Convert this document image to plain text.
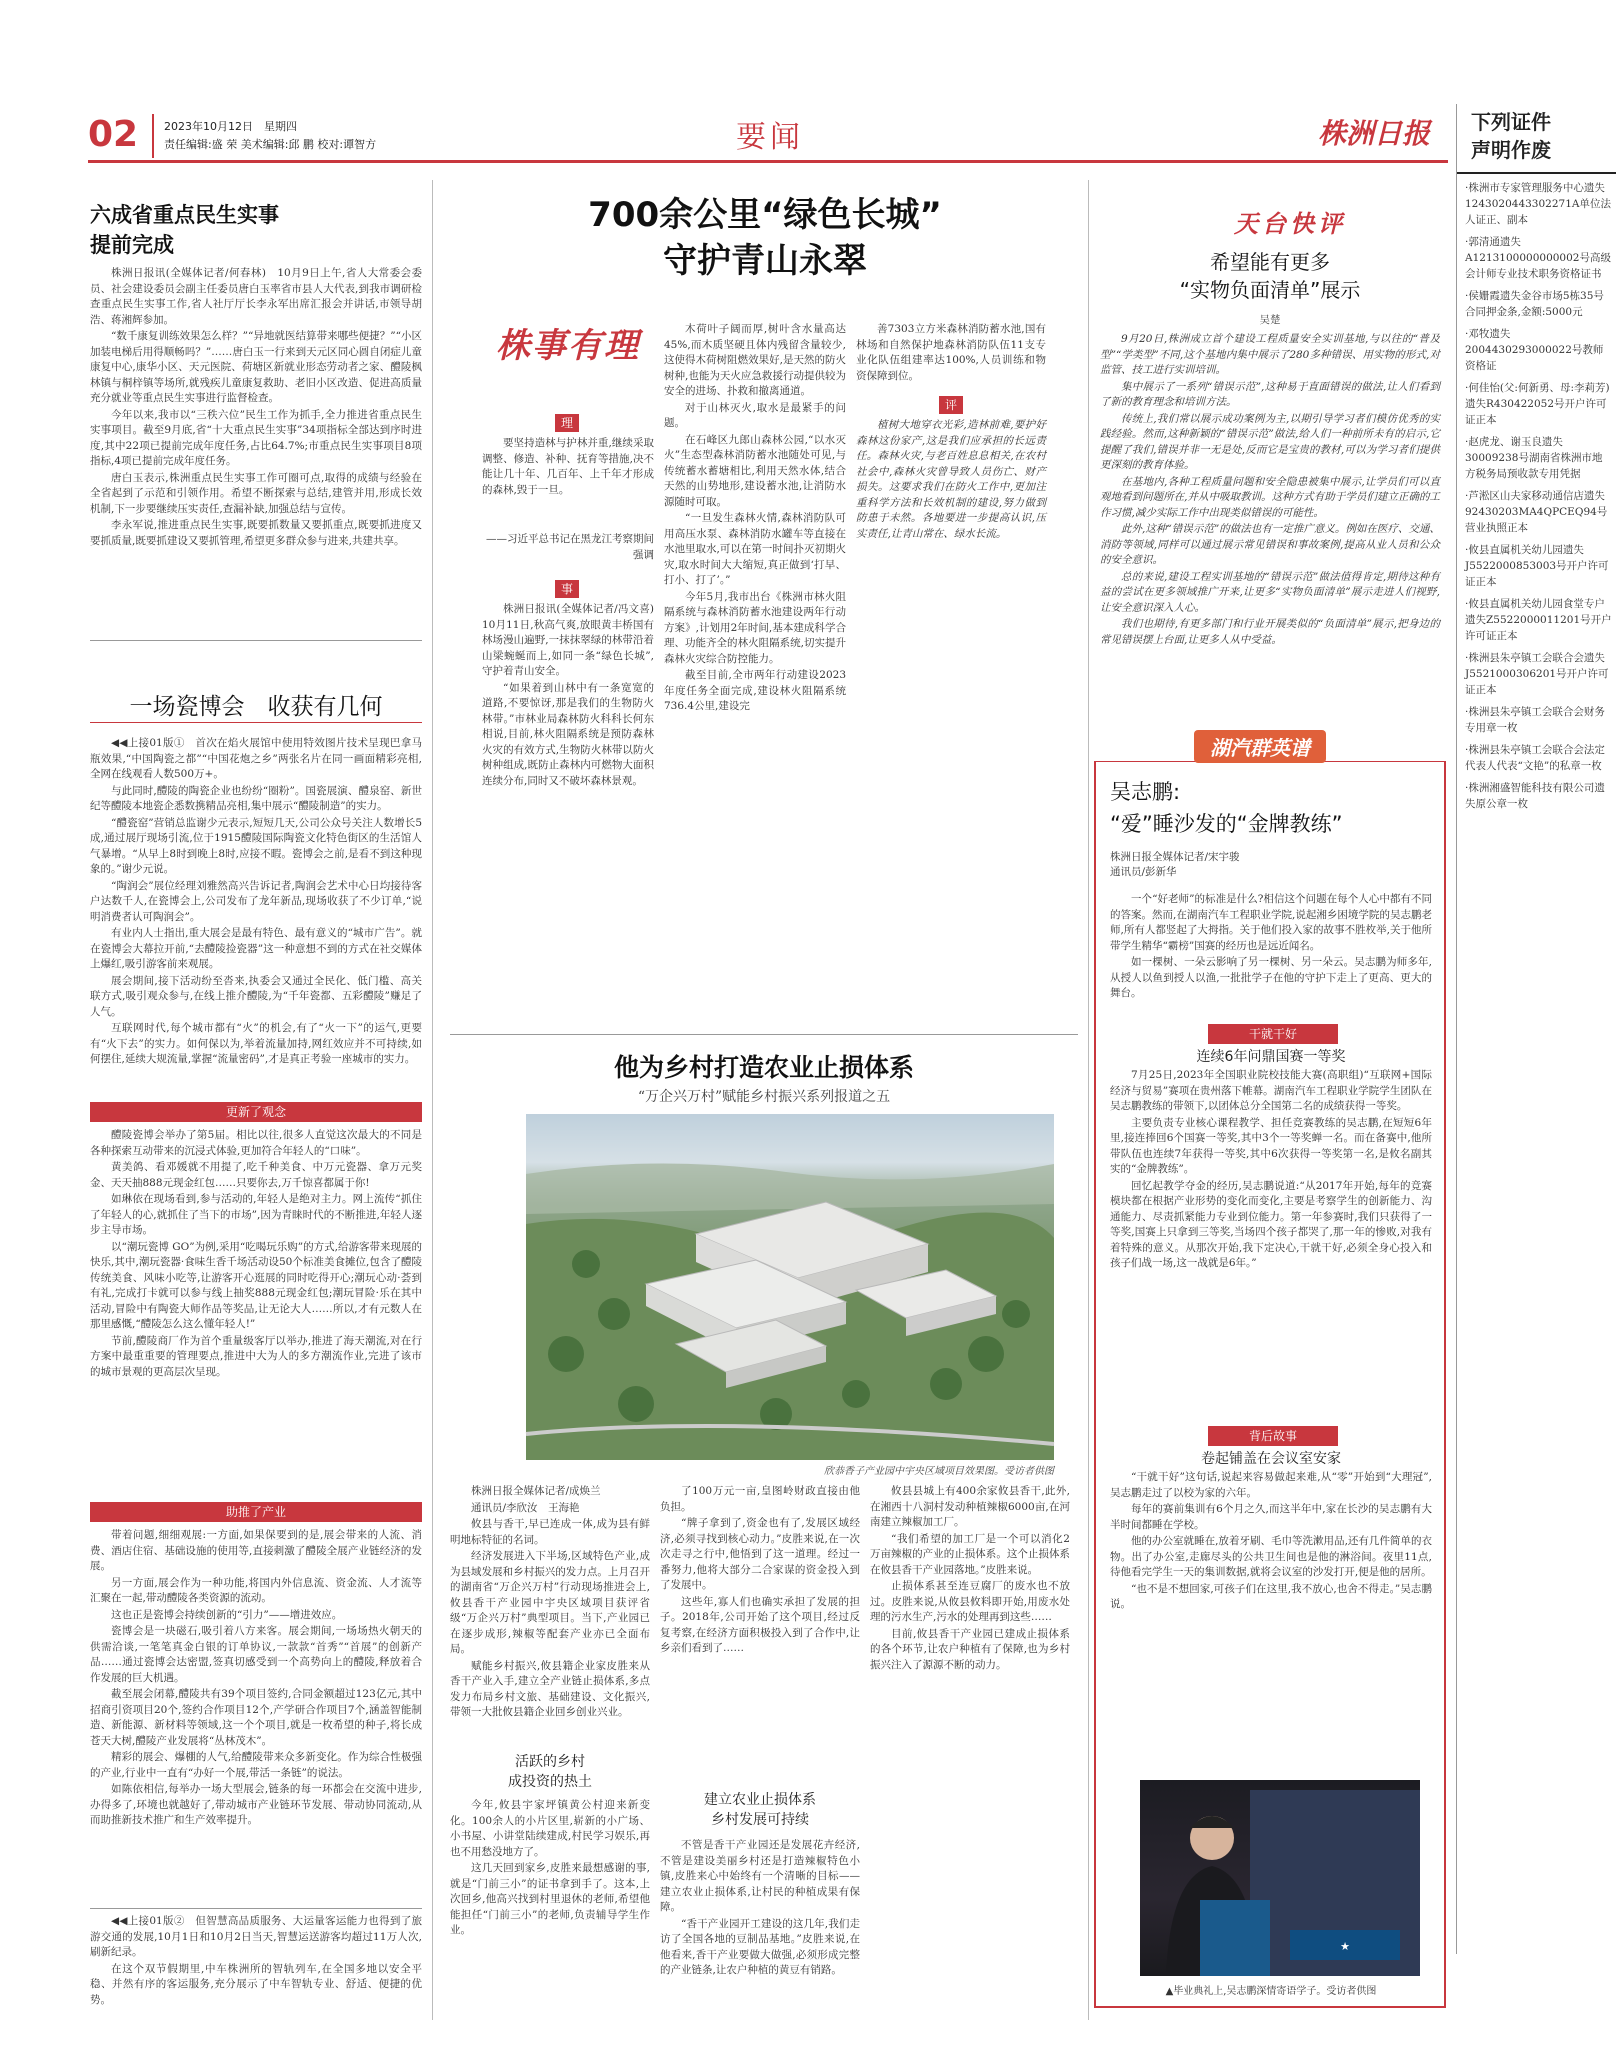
02 2023年10月12日　星期四
责任编辑:盛 荣 美术编辑:邱 鹏 校对:谭智方	要闻	株洲日报	下列证件
声明作废
·株洲市专家管理服务中心遗失1243020443302271A单位法人证正、副本
·郭清通遗失A1213100000000002号高级会计师专业技术职务资格证书
·侯姗霞遗失金谷市场5栋35号合同押金条,金额:5000元
·邓牧遗失2004430293000022号教师资格证
·何佳怡(父:何新勇、母:李莉芳)遗失R430422052号开户许可证正本
·赵虎龙、谢玉良遗失30009238号湖南省株洲市地方税务局预收款专用凭据
·芦淞区山夫家移动通信店遗失92430203MA4QPCEQ94号营业执照正本
·攸县直属机关幼儿园遗失J5522000853003号开户许可证正本
·攸县直属机关幼儿园食堂专户遗失Z5522000011201号开户许可证正本
·株洲县朱亭镇工会联合会遗失J5521000306201号开户许可证正本
·株洲县朱亭镇工会联合会财务专用章一枚
·株洲县朱亭镇工会联合会法定代表人代表“文艳”的私章一枚
·株洲湘盛智能科技有限公司遗失原公章一枚
六成省重点民生实事
提前完成

株洲日报讯(全媒体记者/何春林)　10月9日上午,省人大常委会委员、社会建设委员会副主任委员唐白玉率省市县人大代表,到我市调研检查重点民生实事工作,省人社厅厅长李永军出席汇报会并讲话,市领导胡浩、蒋湘辉参加。

“数千康复训练效果怎么样？”“异地就医结算带来哪些便捷？”“小区加装电梯后用得顺畅吗？”……唐白玉一行来到天元区同心圆自闭症儿童康复中心,康华小区、天元医院、荷塘区新就业形态劳动者之家、醴陵枫林镇与桐梓镇等场所,就残疾儿童康复救助、老旧小区改造、促进高质量充分就业等重点民生实事进行监督检查。

今年以来,我市以“三秩六位”民生工作为抓手,全力推进省重点民生实事项目。截至9月底,省“十大重点民生实事”34项指标全部达到序时进度,其中22项已提前完成年度任务,占比64.7%;市重点民生实事项目8项指标,4项已提前完成年度任务。

唐白玉表示,株洲重点民生实事工作可圈可点,取得的成绩与经验在全省起到了示范和引领作用。希望不断探索与总结,建管并用,形成长效机制,下一步要继续压实责任,查漏补缺,加强总结与宣传。

李永军说,推进重点民生实事,既要抓数量又要抓重点,既要抓进度又要抓质量,既要抓建设又要抓管理,希望更多群众参与进来,共建共享。

一场瓷博会　收获有几何

◀◀上接01版①　首次在焰火展馆中使用特效图片技术呈现巴拿马瓶效果,“中国陶瓷之都”“中国花炮之乡”两张名片在同一画面精彩亮相,全网在线观看人数500万+。

与此同时,醴陵的陶瓷企业也纷纷“圈粉”。国瓷展演、醴泉窑、新世纪等醴陵本地瓷企悉数携精品亮相,集中展示“醴陵制造”的实力。

“醴瓷窑”营销总监谢少元表示,短短几天,公司公众号关注人数增长5成,通过展厅现场引流,位于1915醴陵国际陶瓷文化特色街区的生活馆人气暴增。“从早上8时到晚上8时,应接不暇。瓷博会之前,是看不到这种现象的。”谢少元说。

“陶润会”展位经理刘雅然高兴告诉记者,陶润会艺术中心日均接待客户达数千人,在瓷博会上,公司发布了龙年新品,现场收获了不少订单,“说明消费者认可陶润会”。

有业内人士指出,重大展会是最有特色、最有意义的“城市广告”。就在瓷博会大幕拉开前,“去醴陵捡瓷器”这一种意想不到的方式在社交媒体上爆红,吸引游客前来观展。

展会期间,接下活动纷至沓来,执委会又通过全民化、低门槛、高关联方式,吸引观众参与,在线上推介醴陵,为“千年瓷都、五彩醴陵”赚足了人气。

互联网时代,每个城市都有“火”的机会,有了“火一下”的运气,更要有“火下去”的实力。如何保以为,举着流量加持,网红效应并不可持续,如何摆住,延续大规流量,掌握“流量密码”,才是真正考验一座城市的实力。

更新了观念

醴陵瓷博会举办了第5届。相比以往,很多人直觉这次最大的不同是各种探索互动带来的沉浸式体验,更加符合年轻人的“口味”。

黄美鸽、看邓媛就不用提了,吃千种美食、中万元瓷器、拿万元奖金、天天抽888元现金红包……只要你去,万千惊喜都属于你!

如琳依在现场看到,参与活动的,年轻人是绝对主力。网上流传“抓住了年轻人的心,就抓住了当下的市场”,因为青睐时代的不断推进,年轻人逐步主导市场。

以“潮玩瓷博 GO”为例,采用“吃喝玩乐购”的方式,给游客带来现展的快乐,其中,潮玩瓷器·食味生香千场活动设50个标准美食摊位,包含了醴陵传统美食、风味小吃等,让游客开心逛展的同时吃得开心;潮玩心动·荟到有礼,完成打卡就可以参与线上抽奖888元现金红包;潮玩冒险·乐在其中活动,冒险中有陶瓷大师作品等奖品,让无论大人……所以,才有元数人在那里感慨,“醴陵怎么这么懂年轻人!”

节前,醴陵商厂作为首个重量级客厅以举办,推进了海天潮流,对在行方案中最重重要的管理要点,推进中大为人的多方潮流作业,完进了该市的城市景观的更高层次呈现。

助推了产业

带着问题,细细观展:一方面,如果保要到的是,展会带来的人流、消费、酒店住宿、基础设施的使用等,直接刺激了醴陵全展产业链经济的发展。

另一方面,展会作为一种功能,将国内外信息流、资金流、人才流等汇聚在一起,带动醴陵各类资源的流动。

这也正是瓷博会持续创新的“引力”——增进效应。

瓷博会是一块磁石,吸引着八方来客。展会期间,一场场热火朝天的供需洽谈,一笔笔真金白银的订单协议,一款款“首秀”“首展”的创新产品……通过瓷博会达密盟,签真切感受到一个高势向上的醴陵,释放着合作发展的巨大机遇。

截至展会闭幕,醴陵共有39个项目签约,合同金额超过123亿元,其中招商引资项目20个,签约合作项目12个,产学研合作项目7个,涵盖智能制造、新能源、新材料等领域,这一个个项目,就是一枚希望的种子,将长成苍天大树,醴陵产业发展将“丛林茂木”。

精彩的展会、爆棚的人气,给醴陵带来众多新变化。作为综合性极强的产业,行业中一直有“办好一个展,带活一条链”的说法。

如陈依相信,每举办一场大型展会,链条的每一环都会在交流中进步,办得多了,环境也就越好了,带动城市产业链环节发展、带动协同流动,从而助推新技术推广和生产效率提升。

◀◀上接01版②　但智慧高品质服务、大运量客运能力也得到了旅游交通的发展,10月1日和10月2日当天,智慧运送游客均超过11万人次,刷新纪录。

在这个双节假期里,中车株洲所的智轨列车,在全国多地以安全平稳、并然有序的客运服务,充分展示了中车智轨专业、舒适、便捷的优势。

700余公里“绿色长城”
守护青山永翠
株事有理
理

要坚持造林与护林并重,继续采取调整、修造、补种、抚育等措施,决不能让几十年、几百年、上千年才形成的森林,毁于一旦。

——习近平总书记在黑龙江考察期间强调
事

株洲日报讯(全媒体记者/冯文喜)　10月11日,秋高气爽,放眼黄丰桥国有林场漫山遍野,一抹抹翠绿的林带沿着山梁蜿蜒而上,如同一条“绿色长城”,守护着青山安全。

“如果着到山林中有一条宽宽的道路,不要惊讶,那是我们的生物防火林带。”市林业局森林防火科科长何东相说,目前,林火阻隔系统是预防森林火灾的有效方式,生物防火林带以防火树种组成,既防止森林内可燃物大面积连续分布,同时又不破坏森林景观。

木荷叶子阔而厚,树叶含水量高达45%,而木质坚硬且体内残留含量较少,这使得木荷树阻燃效果好,是天然的防火树种,也能为天火应急救援行动提供较为安全的进场、扑救和撤离通道。

对于山林灭火,取水是最紧手的问题。

在石峰区九郎山森林公园,“以水灭火”生态型森林消防蓄水池随处可见,与传统蓄水蓄塘相比,利用天然水体,结合天然的山势地形,建设蓄水池,让消防水源随时可取。

“一旦发生森林火情,森林消防队可用高压水泵、森林消防水罐车等直接在水池里取水,可以在第一时间扑灭初期火灾,取水时间大大缩短,真正做到‘打早、打小、打了’。”

今年5月,我市出台《株洲市林火阻隔系统与森林消防蓄水池建设两年行动方案》,计划用2年时间,基本建成科学合理、功能齐全的林火阻隔系统,切实提升森林火灾综合防控能力。

截至目前,全市两年行动建设2023年度任务全面完成,建设林火阻隔系统736.4公里,建设完

善7303立方米森林消防蓄水池,国有林场和自然保护地森林消防队伍11支专业化队伍组建率达100%,人员训练和物资保障到位。

评

植树大地穿衣光彩,造林前难,要护好森林这份家产,这是我们应承担的长远责任。森林火灾,与老百姓息息相关,在农村社会中,森林火灾曾导致人员伤亡、财产损失。这要求我们在防火工作中,更加注重科学方法和长效机制的建设,努力做到防患于未然。各地要进一步提高认识,压实责任,让青山常在、绿水长流。

他为乡村打造农业止损体系
“万企兴万村”赋能乡村振兴系列报道之五
欣恭香子产业园中宇央区域项目效果图。受访者供图

株洲日报全媒体记者/成焕兰

通讯员/李欣汝　王海艳

攸县与香干,早已连成一体,成为县有鲜明地标特征的名词。

经济发展进入下半场,区域特色产业,成为县域发展和乡村振兴的发力点。上月召开的湖南省“万企兴万村”行动现场推进会上,攸县香干产业园中宇央区域项目获评省级“万企兴万村”典型项目。当下,产业园已在逐步成形,辣椒等配套产业亦已全面布局。

赋能乡村振兴,攸县籍企业家皮胜来从香干产业入手,建立全产业链止损体系,多点发力布局乡村文旅、基础建设、文化振兴,带领一大批攸县籍企业回乡创业兴业。

活跃的乡村
成投资的热土

今年,攸县宇家坪镇黄公村迎来新变化。100余人的小片区里,崭新的小广场、小书屋、小讲堂陆续建成,村民学习娱乐,再也不用愁没地方了。

这几天回到家乡,皮胜来最想感谢的事,就是“门前三小”的证书拿到手了。这本,上次回乡,他高兴找到村里退休的老师,希望他能担任“门前三小”的老师,负责辅导学生作业。

了100万元一亩,皇图岭财政直接由他负担。

“牌子拿到了,资金也有了,发展区域经济,必须寻找到核心动力。”皮胜来说,在一次次走寻之行中,他悟到了这一道理。经过一番努力,他将大部分二合家谋的资金投入到了发展中。

这些年,寡人们也确实承担了发展的担子。2018年,公司开始了这个项目,经过反复考察,在经济方面积极投入到了合作中,让乡亲们看到了……

建立农业止损体系
乡村发展可持续

不管是香干产业园还是发展花卉经济,不管是建设美丽乡村还是打造辣椒特色小镇,皮胜来心中始终有一个清晰的目标——建立农业止损体系,让村民的种植成果有保障。

“香干产业园开工建设的这几年,我们走访了全国各地的豆制品基地。”皮胜来说,在他看来,香干产业要做大做强,必须形成完整的产业链条,让农户种植的黄豆有销路。

攸县县城上有400余家攸县香干,此外,在湘西十八洞村发动种植辣椒6000亩,在河南建立辣椒加工厂。

“我们希望的加工厂是一个可以消化2万亩辣椒的产业的止损体系。这个止损体系在攸县香干产业园落地。”皮胜来说。

止损体系甚至连豆腐厂的废水也不放过。皮胜来说,从攸县攸料即开始,用废水处理的污水生产,污水的处理再到这些……

目前,攸县香干产业园已建成止损体系的各个环节,让农户种植有了保障,也为乡村振兴注入了源源不断的动力。

天台快评
希望能有更多
“实物负面清单”展示
吴楚

9月20日,株洲成立首个建设工程质量安全实训基地,与以往的“普及型”“学类型”不同,这个基地内集中展示了280多种错误、用实物的形式,对监管、技工进行实训培训。

集中展示了一系列“错误示范”,这种易于直面错误的做法,让人们看到了新的教育理念和培训方法。

传统上,我们常以展示成功案例为主,以期引导学习者们模仿优秀的实践经验。然而,这种新颖的“错误示范”做法,给人们一种前所未有的启示,它提醒了我们,错误并非一无是处,反而它是宝贵的教材,可以为学习者们提供更深刻的教育体验。

在基地内,各种工程质量问题和安全隐患被集中展示,让学员们可以直观地看到问题所在,并从中吸取教训。这种方式有助于学员们建立正确的工作习惯,减少实际工作中出现类似错误的可能性。

此外,这种“错误示范”的做法也有一定推广意义。例如在医疗、交通、消防等领域,同样可以通过展示常见错误和事故案例,提高从业人员和公众的安全意识。

总的来说,建设工程实训基地的“错误示范”做法值得肯定,期待这种有益的尝试在更多领域推广开来,让更多“实物负面清单”展示走进人们视野,让安全意识深入人心。

我们也期待,有更多部门和行业开展类似的“负面清单”展示,把身边的常见错误摆上台面,让更多人从中受益。

湖汽群英谱
吴志鹏:
“爱”睡沙发的“金牌教练”
株洲日报全媒体记者/宋宇骏
通讯员/彭新华

一个“好老师”的标准是什么?相信这个问题在每个人心中都有不同的答案。然而,在湖南汽车工程职业学院,说起湘乡困境学院的吴志鹏老师,所有人都竖起了大拇指。关于他们投入家的故事不胜枚举,关于他所带学生精华“霸榜”国赛的经历也是远近闻名。

如一棵树、一朵云影响了另一棵树、另一朵云。吴志鹏为师多年,从授人以鱼到授人以渔,一批批学子在他的守护下走上了更高、更大的舞台。

干就干好
连续6年问鼎国赛一等奖

7月25日,2023年全国职业院校技能大赛(高职组)“互联网+国际经济与贸易”赛项在贵州落下帷幕。湖南汽车工程职业学院学生团队在吴志鹏教练的带领下,以团体总分全国第二名的成绩获得一等奖。

主要负责专业核心课程教学、担任竞赛教练的吴志鹏,在短短6年里,接连捧回6个国赛一等奖,其中3个一等奖蝉一名。而在备赛中,他所带队伍也连续7年获得一等奖,其中6次获得一等奖第一名,是攸名副其实的“金牌教练”。

回忆起教学夺金的经历,吴志鹏说道:“从2017年开始,每年的竞赛模块都在根据产业形势的变化而变化,主要是考察学生的创新能力、沟通能力、尽责抓紧能力专业到位能力。第一年参赛时,我们只获得了一等奖,国赛上只拿到三等奖,当场四个孩子都哭了,那一年的惨败,对我有着特殊的意义。从那次开始,我下定决心,干就干好,必须全身心投入和孩子们战一场,这一战就是6年。”

背后故事
卷起铺盖在会议室安家

“干就干好”这句话,说起来容易做起来难,从“零”开始到“大理冠”,吴志鹏走过了以校为家的六年。

每年的赛前集训有6个月之久,而这半年中,家在长沙的吴志鹏有大半时间都睡在学校。

他的办公室就睡在,放着牙刷、毛巾等洗漱用品,还有几件简单的衣物。出了办公室,走廊尽头的公共卫生间也是他的淋浴间。夜里11点,待他看完学生一天的集训数据,就将会议室的沙发打开,便是他的居所。

“也不是不想回家,可孩子们在这里,我不放心,也舍不得走。”吴志鹏说。

★
▲毕业典礼上,吴志鹏深情寄语学子。受访者供图
